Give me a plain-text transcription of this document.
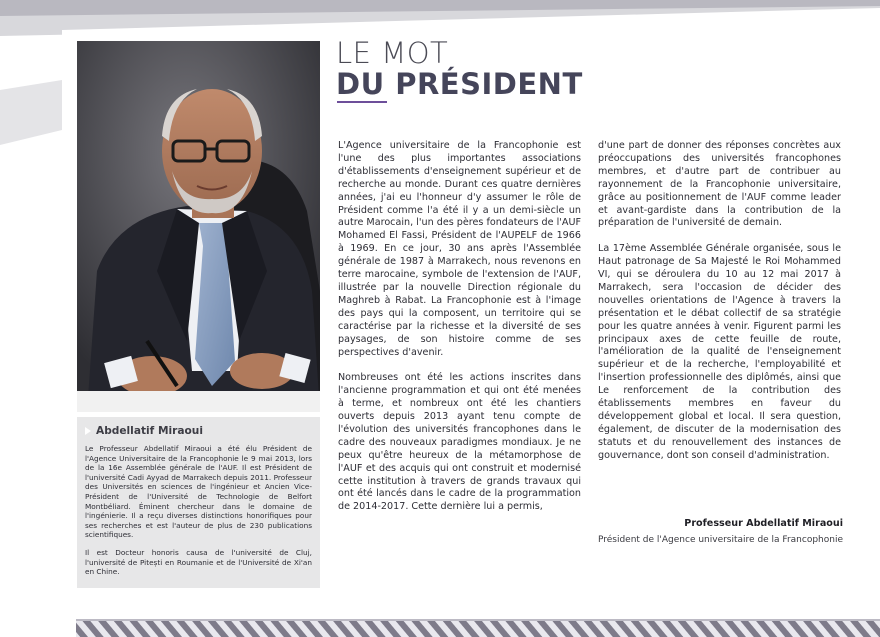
LE MOT
DU PRÉSIDENT

L'Agence universitaire de la Francophonie est l'une des plus importantes associations d'établissements d'enseignement supérieur et de recherche au monde. Durant ces quatre dernières années, j'ai eu l'honneur d'y assumer le rôle de Président comme l'a été il y a un demi-siècle un autre Marocain, l'un des pères fondateurs de l'AUF Mohamed El Fassi, Président de l'AUPELF de 1966 à 1969. En ce jour, 30 ans après l'Assemblée générale de 1987 à Marrakech, nous revenons en terre marocaine, symbole de l'extension de l'AUF, illustrée par la nouvelle Direction régionale du Maghreb à Rabat. La Francophonie est à l'image des pays qui la composent, un territoire qui se caractérise par la richesse et la diversité de ses paysages, de son histoire comme de ses perspectives d'avenir.

Nombreuses ont été les actions inscrites dans l'ancienne programmation et qui ont été menées à terme, et nombreux ont été les chantiers ouverts depuis 2013 ayant tenu compte de l'évolution des universités francophones dans le cadre des nouveaux paradigmes mondiaux. Je ne peux qu'être heureux de la métamorphose de l'AUF et des acquis qui ont construit et modernisé cette institution à travers de grands travaux qui ont été lancés dans le cadre de la programmation de 2014-2017. Cette dernière lui a permis,

d'une part de donner des réponses concrètes aux préoccupations des universités francophones membres, et d'autre part de contribuer au rayonnement de la Francophonie universitaire, grâce au positionnement de l'AUF comme leader et avant-gardiste dans la contribution de la préparation de l'université de demain.

La 17ème Assemblée Générale organisée, sous le Haut patronage de Sa Majesté le Roi Mohammed VI, qui se déroulera du 10 au 12 mai 2017 à Marrakech, sera l'occasion de décider des nouvelles orientations de l'Agence à travers la présentation et le débat collectif de sa stratégie pour les quatre années à venir. Figurent parmi les principaux axes de cette feuille de route, l'amélioration de la qualité de l'enseignement supérieur et de la recherche, l'employabilité et l'insertion professionnelle des diplômés, ainsi que Le renforcement de la contribution des établissements membres en faveur du développement global et local. Il sera question, également, de discuter de la modernisation des statuts et du renouvellement des instances de gouvernance, dont son conseil d'administration.

Professeur Abdellatif Miraoui
Président de l'Agence universitaire de la Francophonie
Abdellatif Miraoui

Le Professeur Abdellatif Miraoui a été élu Président de l'Agence Universitaire de la Francophonie le 9 mai 2013, lors de la 16e Assemblée générale de l'AUF. Il est Président de l'université Cadi Ayyad de Marrakech depuis 2011. Professeur des Universités en sciences de l'ingénieur et Ancien Vice-Président de l'Université de Technologie de Belfort Montbéliard. Éminent chercheur dans le domaine de l'ingénierie. Il a reçu diverses distinctions honorifiques pour ses recherches et est l'auteur de plus de 230 publications scientifiques.

Il est Docteur honoris causa de l'université de Cluj, l'université de Pitești en Roumanie et de l'Université de Xi'an en Chine.
